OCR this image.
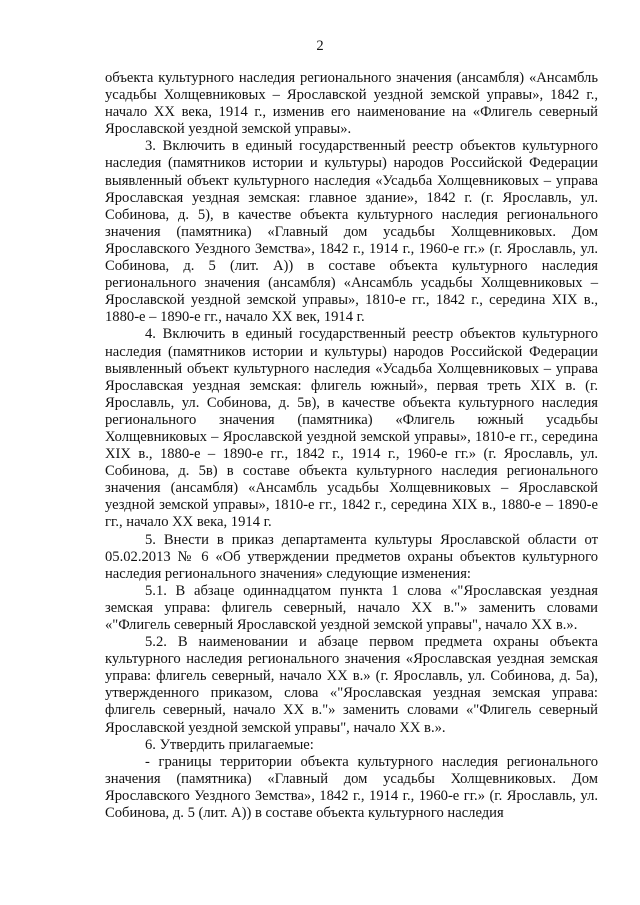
2

объекта культурного наследия регионального значения (ансамбля) «Ансамбль усадьбы Холщевниковых – Ярославской уездной земской управы», 1842 г., начало XX века, 1914 г., изменив его наименование на «Флигель северный Ярославской уездной земской управы».

3. Включить в единый государственный реестр объектов культурного наследия (памятников истории и культуры) народов Российской Федерации выявленный объект культурного наследия «Усадьба Холщевниковых – управа Ярославская уездная земская: главное здание», 1842 г. (г. Ярославль, ул. Собинова, д. 5), в качестве объекта культурного наследия регионального значения (памятника) «Главный дом усадьбы Холщевниковых. Дом Ярославского Уездного Земства», 1842 г., 1914 г., 1960-е гг.» (г. Ярославль, ул. Собинова, д. 5 (лит. А)) в составе объекта культурного наследия регионального значения (ансамбля) «Ансамбль усадьбы Холщевниковых – Ярославской уездной земской управы», 1810-е гг., 1842 г., середина XIX в., 1880-е – 1890-е гг., начало XX век, 1914 г.

4. Включить в единый государственный реестр объектов культурного наследия (памятников истории и культуры) народов Российской Федерации выявленный объект культурного наследия «Усадьба Холщевниковых – управа Ярославская уездная земская: флигель южный», первая треть XIX в. (г. Ярославль, ул. Собинова, д. 5в), в качестве объекта культурного наследия регионального значения (памятника) «Флигель южный усадьбы Холщевниковых – Ярославской уездной земской управы», 1810-е гг., середина XIX в., 1880-е – 1890-е гг., 1842 г., 1914 г., 1960-е гг.» (г. Ярославль, ул. Собинова, д. 5в) в составе объекта культурного наследия регионального значения (ансамбля) «Ансамбль усадьбы Холщевниковых – Ярославской уездной земской управы», 1810-е гг., 1842 г., середина XIX в., 1880-е – 1890-е гг., начало XX века, 1914 г.

5. Внести в приказ департамента культуры Ярославской области от 05.02.2013 № 6 «Об утверждении предметов охраны объектов культурного наследия регионального значения» следующие изменения:

5.1. В абзаце одиннадцатом пункта 1 слова «"Ярославская уездная земская управа: флигель северный, начало XX в."» заменить словами «"Флигель северный Ярославской уездной земской управы", начало XX в.».

5.2. В наименовании и абзаце первом предмета охраны объекта культурного наследия регионального значения «Ярославская уездная земская управа: флигель северный, начало XX в.» (г. Ярославль, ул. Собинова, д. 5а), утвержденного приказом, слова «"Ярославская уездная земская управа: флигель северный, начало XX в."» заменить словами «"Флигель северный Ярославской уездной земской управы", начало XX в.».

6. Утвердить прилагаемые:

- границы территории объекта культурного наследия регионального значения (памятника) «Главный дом усадьбы Холщевниковых. Дом Ярославского Уездного Земства», 1842 г., 1914 г., 1960-е гг.» (г. Ярославль, ул. Собинова, д. 5 (лит. А)) в составе объекта культурного наследия
